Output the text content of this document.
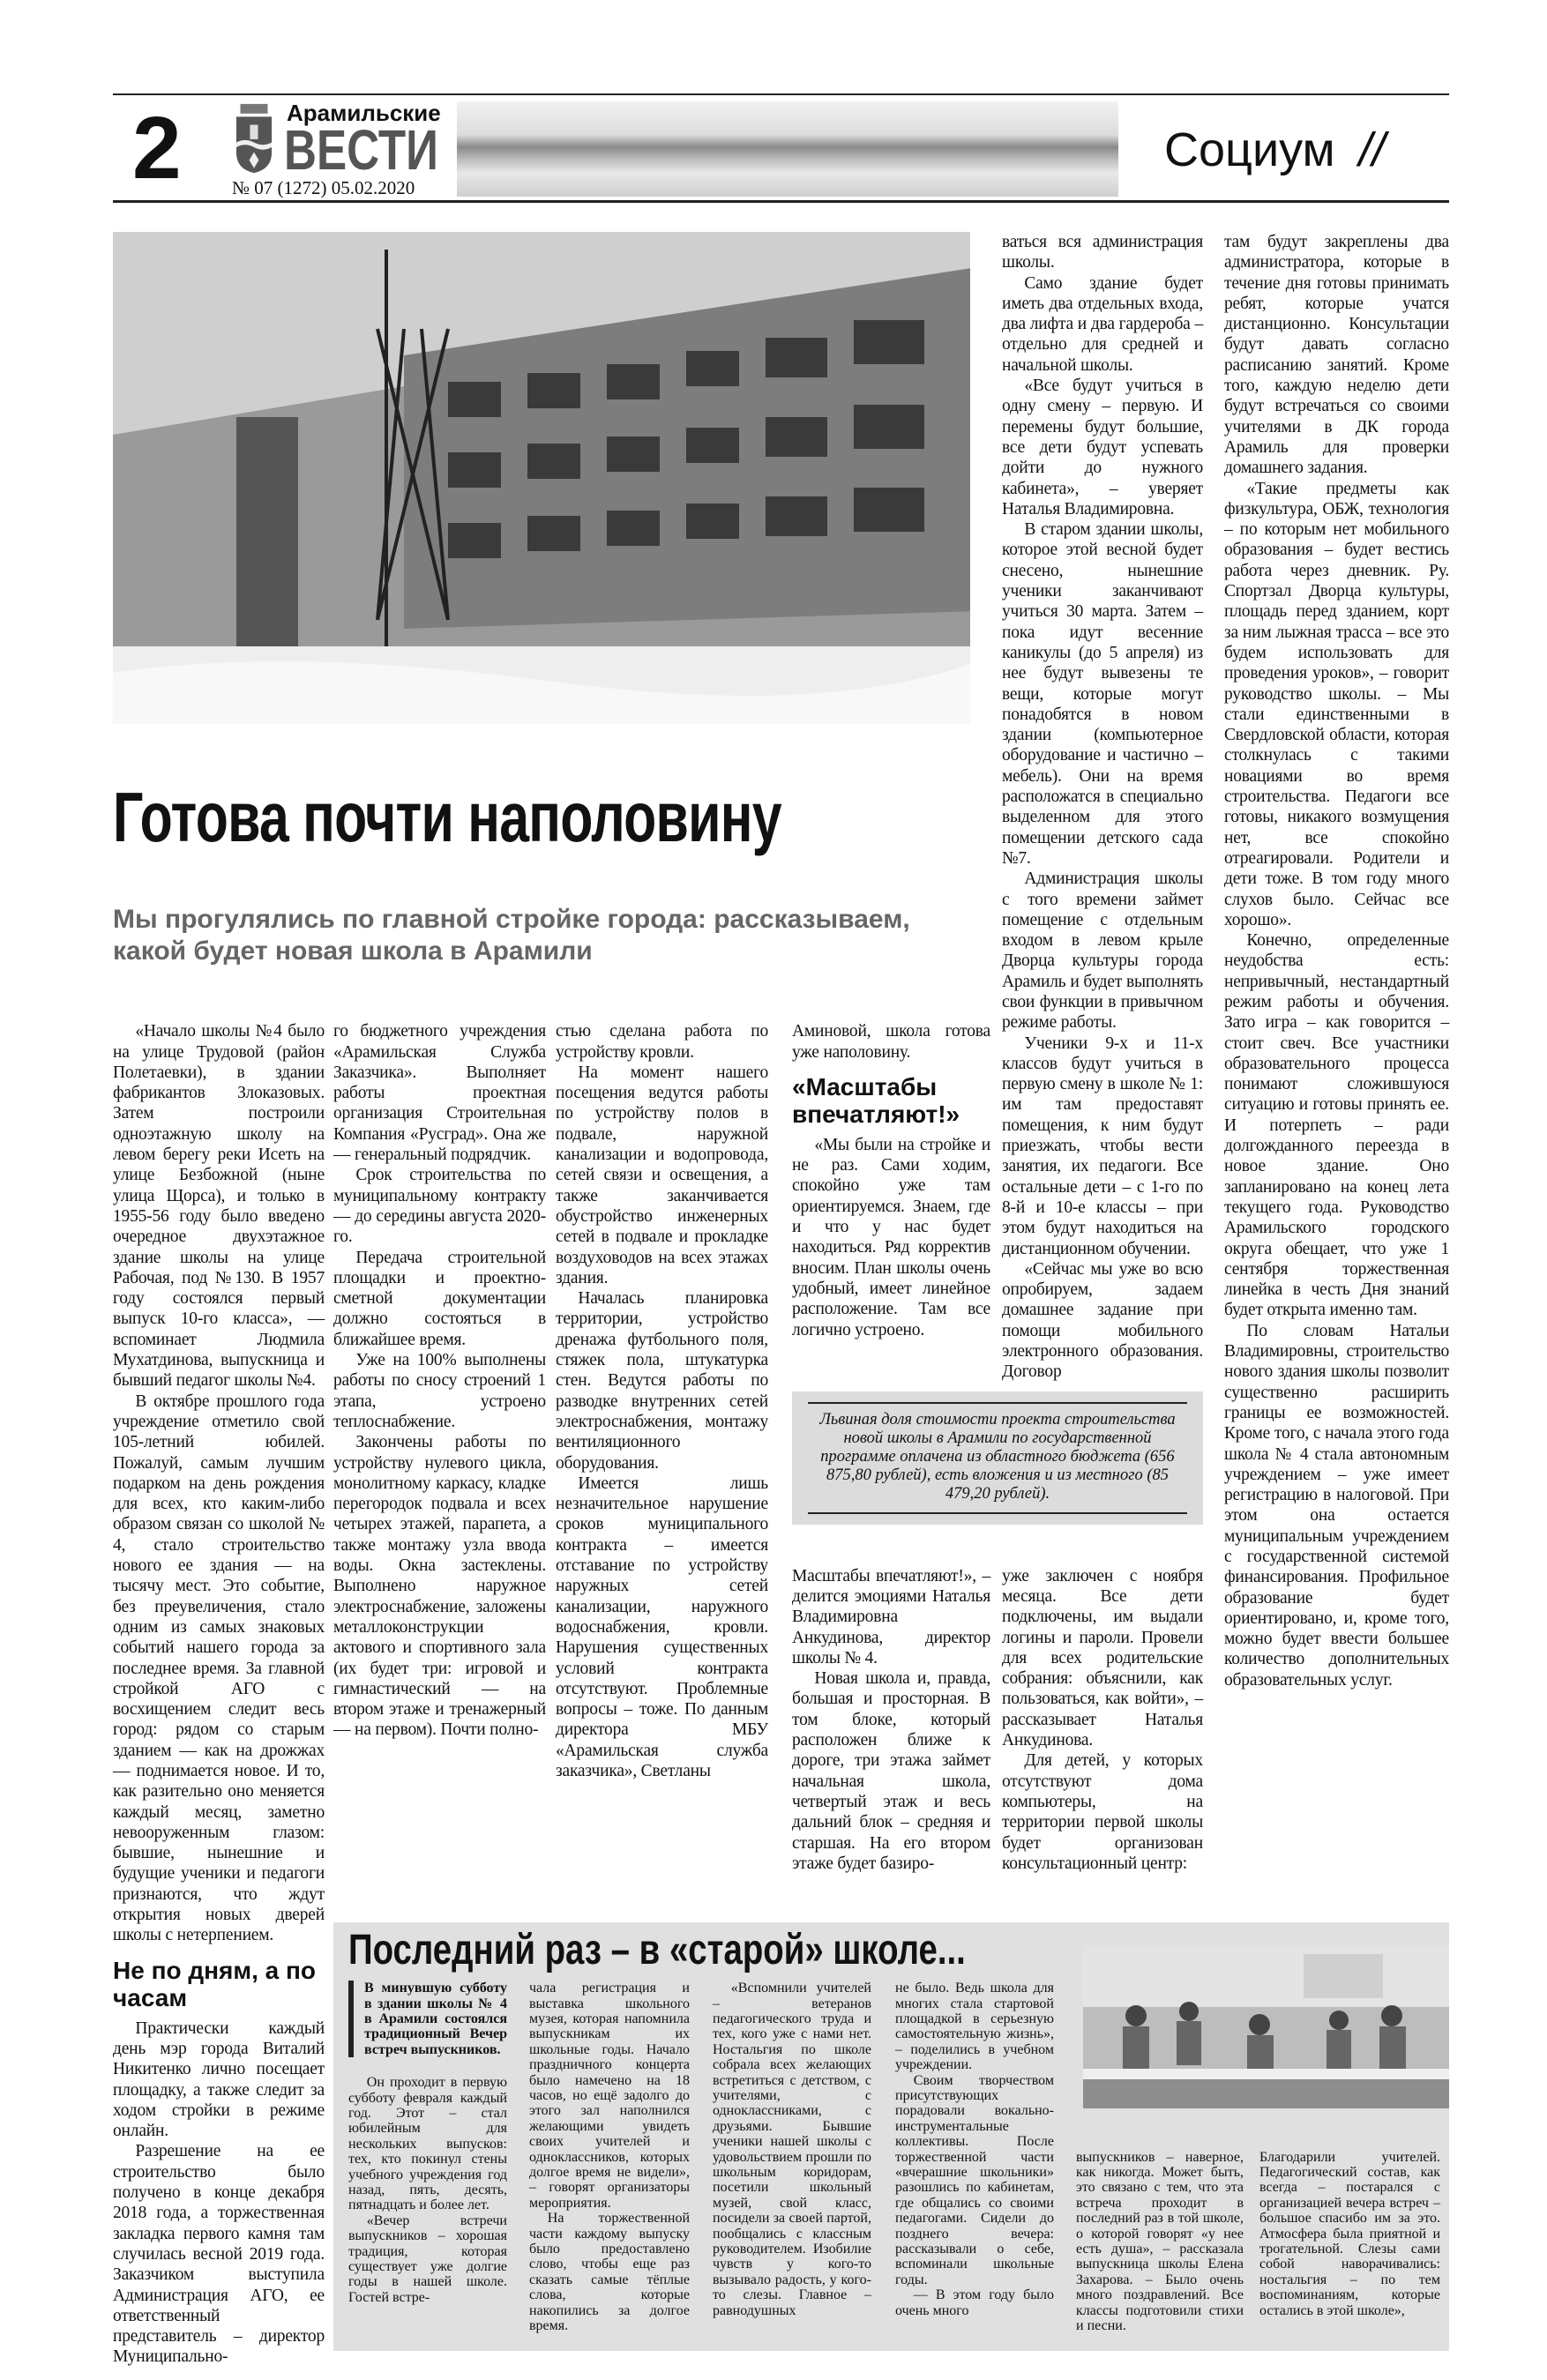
2	Арамильские
ВЕСТИ
№ 07 (1272) 05.02.2020
Социум //
Готова почти наполовину
Мы прогулялись по главной стройке города: рассказываем, какой будет новая школа в Арамили

«Начало школы №4 было на улице Трудовой (район Полетаевки), в здании фабрикантов Злоказовых. Затем построили одноэтажную школу на левом берегу реки Исеть на улице Безбожной (ныне улица Щорса), и только в 1955-56 году было введено очередное двухэтажное здание школы на улице Рабочая, под №130. В 1957 году состоялся первый выпуск 10-го класса», — вспоминает Людмила Мухатдинова, выпускница и бывший педагог школы №4.

В октябре прошлого года учреждение отметило свой 105-летний юбилей. Пожалуй, самым лучшим подарком на день рождения для всех, кто каким-либо образом связан со школой № 4, стало строительство нового ее здания — на тысячу мест. Это событие, без преувеличения, стало одним из самых знаковых событий нашего города за последнее время. За главной стройкой АГО с восхищением следит весь город: рядом со старым зданием — как на дрожжах — поднимается новое. И то, как разительно оно меняется каждый месяц, заметно невооруженным глазом: бывшие, нынешние и будущие ученики и педагоги признаются, что ждут открытия новых дверей школы с нетерпением.

Не по дням, а по часам

Практически каждый день мэр города Виталий Никитенко лично посещает площадку, а также следит за ходом стройки в режиме онлайн.

Разрешение на ее строительство было получено в конце декабря 2018 года, а торжественная закладка первого камня там случилась весной 2019 года. Заказчиком выступила Администрация АГО, ее ответственный представитель – директор Муниципально-

го бюджетного учреждения «Арамильская Служба Заказчика». Выполняет работы проектная организация Строительная Компания «Русград». Она же — генеральный подрядчик.

Срок строительства по муниципальному контракту — до середины августа 2020-го.

Передача строительной площадки и проектно-сметной документации должно состояться в ближайшее время.

Уже на 100% выполнены работы по сносу строений 1 этапа, устроено теплоснабжение.

Закончены работы по устройству нулевого цикла, монолитному каркасу, кладке перегородок подвала и всех четырех этажей, парапета, а также монтажу узла ввода воды. Окна застеклены. Выполнено наружное электроснабжение, заложены металлоконструкции актового и спортивного зала (их будет три: игровой и гимнастический — на втором этаже и тренажерный — на первом). Почти полно-

стью сделана работа по устройству кровли.

На момент нашего посещения ведутся работы по устройству полов в подвале, наружной канализации и водопровода, сетей связи и освещения, а также заканчивается обустройство инженерных сетей в подвале и прокладке воздуховодов на всех этажах здания.

Началась планировка территории, устройство дренажа футбольного поля, стяжек пола, штукатурка стен. Ведутся работы по разводке внутренних сетей электроснабжения, монтажу вентиляционного оборудования.

Имеется лишь незначительное нарушение сроков муниципального контракта – имеется отставание по устройству наружных сетей канализации, наружного водоснабжения, кровли. Нарушения существенных условий контракта отсутствуют. Проблемные вопросы – тоже. По данным директора МБУ «Арамильская служба заказчика», Светланы

Аминовой, школа готова уже наполовину.

«Масштабы впечатляют!»

«Мы были на стройке и не раз. Сами ходим, спокойно уже там ориентируемся. Знаем, где и что у нас будет находиться. Ряд корректив вносим. План школы очень удобный, имеет линейное расположение. Там все логично устроено.

ваться вся администрация школы.

Само здание будет иметь два отдельных входа, два лифта и два гардероба – отдельно для средней и начальной школы.

«Все будут учиться в одну смену – первую. И перемены будут большие, все дети будут успевать дойти до нужного кабинета», – уверяет Наталья Владимировна.

В старом здании школы, которое этой весной будет снесено, нынешние ученики заканчивают учиться 30 марта. Затем – пока идут весенние каникулы (до 5 апреля) из нее будут вывезены те вещи, которые могут понадобятся в новом здании (компьютерное оборудование и частично – мебель). Они на время расположатся в специально выделенном для этого помещении детского сада №7.

Администрация школы с того времени займет помещение с отдельным входом в левом крыле Дворца культуры города Арамиль и будет выполнять свои функции в привычном режиме работы.

Ученики 9-х и 11-х классов будут учиться в первую смену в школе № 1: им там предоставят помещения, к ним будут приезжать, чтобы вести занятия, их педагоги. Все остальные дети – с 1-го по 8-й и 10-е классы – при этом будут находиться на дистанционном обучении.

«Сейчас мы уже во всю опробируем, задаем домашнее задание при помощи мобильного электронного образования. Договор

Львиная доля стоимости проекта строительства новой школы в Арамили по государственной программе оплачена из областного бюджета (656 875,80 рублей), есть вложения и из местного (85 479,20 рублей).

Масштабы впечатляют!», – делится эмоциями Наталья Владимировна Анкудинова, директор школы № 4.

Новая школа и, правда, большая и просторная. В том блоке, который расположен ближе к дороге, три этажа займет начальная школа, четвертый этаж и весь дальний блок – средняя и старшая. На его втором этаже будет базиро-

уже заключен с ноября месяца. Все дети подключены, им выдали логины и пароли. Провели для всех родительские собрания: объяснили, как пользоваться, как войти», – рассказывает Наталья Анкудинова.

Для детей, у которых отсутствуют дома компьютеры, на территории первой школы будет организован консультационный центр:

там будут закреплены два администратора, которые в течение дня готовы принимать ребят, которые учатся дистанционно. Консультации будут давать согласно расписанию занятий. Кроме того, каждую неделю дети будут встречаться со своими учителями в ДК города Арамиль для проверки домашнего задания.

«Такие предметы как физкультура, ОБЖ, технология – по которым нет мобильного образования – будет вестись работа через дневник. Ру. Спортзал Дворца культуры, площадь перед зданием, корт за ним лыжная трасса – все это будем использовать для проведения уроков», – говорит руководство школы. – Мы стали единственными в Свердловской области, которая столкнулась с такими новациями во время строительства. Педагоги все готовы, никакого возмущения нет, все спокойно отреагировали. Родители и дети тоже. В том году много слухов было. Сейчас все хорошо».

Конечно, определенные неудобства есть: непривычный, нестандартный режим работы и обучения. Зато игра – как говорится – стоит свеч. Все участники образовательного процесса понимают сложившуюся ситуацию и готовы принять ее. И потерпеть – ради долгожданного переезда в новое здание. Оно запланировано на конец лета текущего года. Руководство Арамильского городского округа обещает, что уже 1 сентября торжественная линейка в честь Дня знаний будет открыта именно там.

По словам Натальи Владимировны, строительство нового здания школы позволит существенно расширить границы ее возможностей. Кроме того, с начала этого года школа № 4 стала автономным учреждением – уже имеет регистрацию в налоговой. При этом она остается муниципальным учреждением с государственной системой финансирования. Профильное образование будет ориентировано, и, кроме того, можно будет ввести большее количество дополнительных образовательных услуг.

Последний раз – в «старой» школе...
В минувшую субботу в здании школы № 4 в Арамили состоялся традиционный Вечер встреч выпускников.

Он проходит в первую субботу февраля каждый год. Этот – стал юбилейным для нескольких выпусков: тех, кто покинул стены учебного учреждения год назад, пять, десять, пятнадцать и более лет.

«Вечер встречи выпускников – хорошая традиция, которая существует уже долгие годы в нашей школе. Гостей встре-

чала регистрация и выставка школьного музея, которая напомнила выпускникам их школьные годы. Начало праздничного концерта было намечено на 18 часов, но ещё задолго до этого зал наполнился желающими увидеть своих учителей и одноклассников, которых долгое время не видели», – говорят организаторы мероприятия.

На торжественной части каждому выпуску было предоставлено слово, чтобы еще раз сказать самые тёплые слова, которые накопились за долгое время.

«Вспомнили учителей – ветеранов педагогического труда и тех, кого уже с нами нет. Ностальгия по школе собрала всех желающих встретиться с детством, с учителями, с одноклассниками, с друзьями. Бывшие ученики нашей школы с удовольствием прошли по школьным коридорам, посетили школьный музей, свой класс, посидели за своей партой, пообщались с классным руководителем. Изобилие чувств у кого-то вызывало радость, у кого-то слезы. Главное – равнодушных

не было. Ведь школа для многих стала стартовой площадкой в серьезную самостоятельную жизнь», – поделились в учебном учреждении.

Своим творчеством присутствующих порадовали вокально-инструментальные коллективы. После торжественной части «вчерашние школьники» разошлись по кабинетам, где общались со своими педагогами. Сидели до позднего вечера: рассказывали о себе, вспоминали школьные годы.

— В этом году было очень много

выпускников – наверное, как никогда. Может быть, это связано с тем, что эта встреча проходит в последний раз в той школе, о которой говорят «у нее есть душа», – рассказала выпускница школы Елена Захарова. – Было очень много поздравлений. Все классы подготовили стихи и песни.

Благодарили учителей. Педагогический состав, как всегда – постарался с организацией вечера встреч – большое спасибо им за это. Атмосфера была приятной и трогательной. Слезы сами собой наворачивались: ностальгия – по тем воспоминаниям, которые остались в этой школе»,
